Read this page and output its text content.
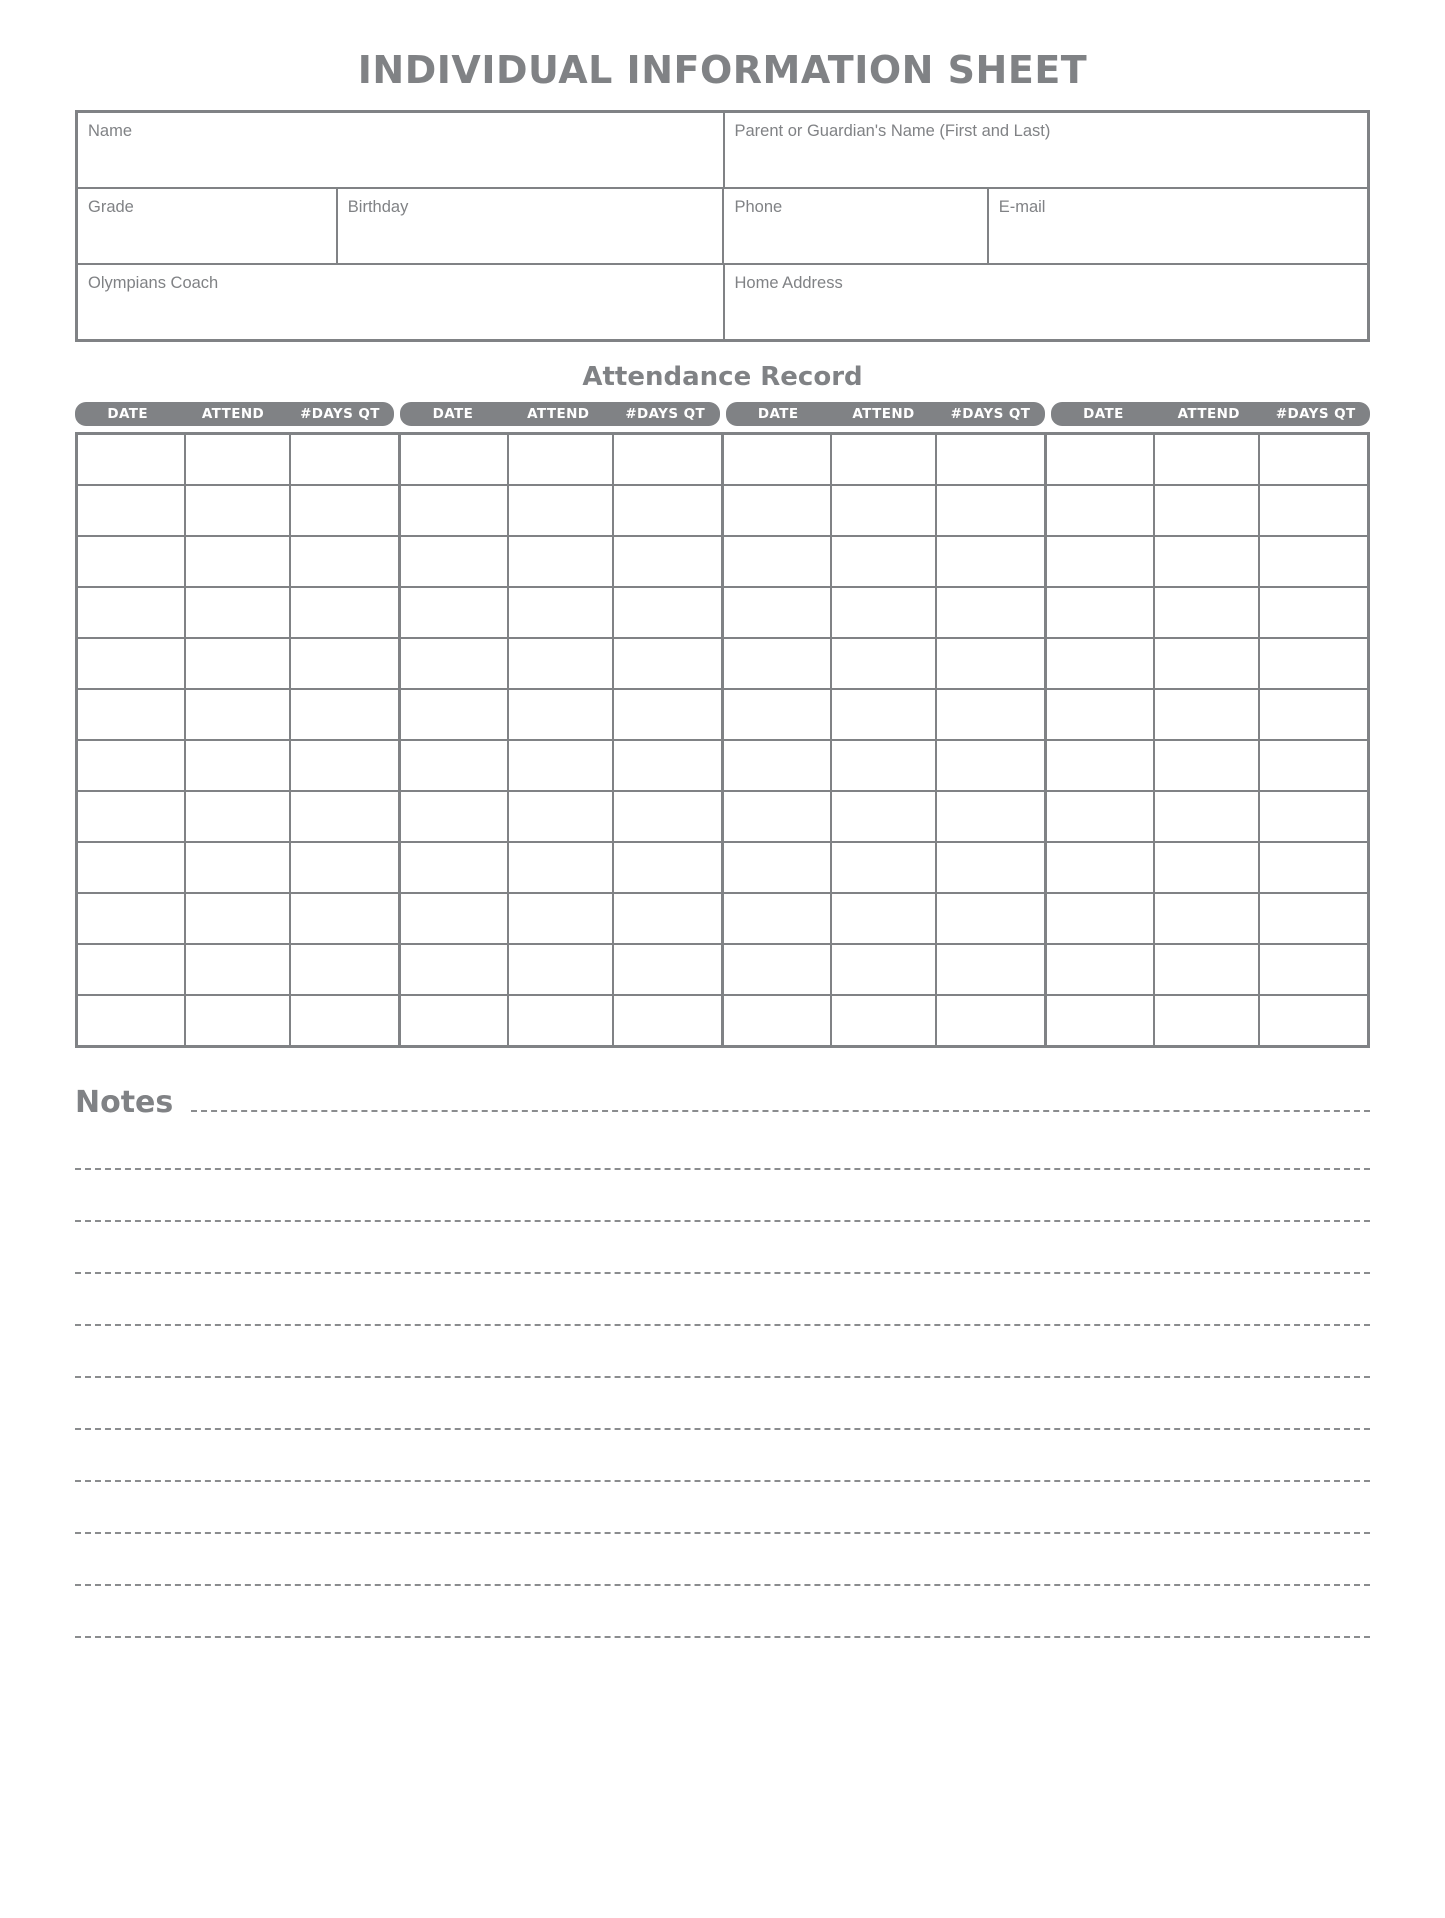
INDIVIDUAL INFORMATION SHEET
Name	Parent or Guardian's Name (First and Last)
Grade	Birthday	Phone	E-mail
Olympians Coach	Home Address
Attendance Record
DATE	ATTEND	#DAYS QT	DATE	ATTEND	#DAYS QT	DATE	ATTEND	#DAYS QT	DATE	ATTEND	#DAYS QT
Notes
